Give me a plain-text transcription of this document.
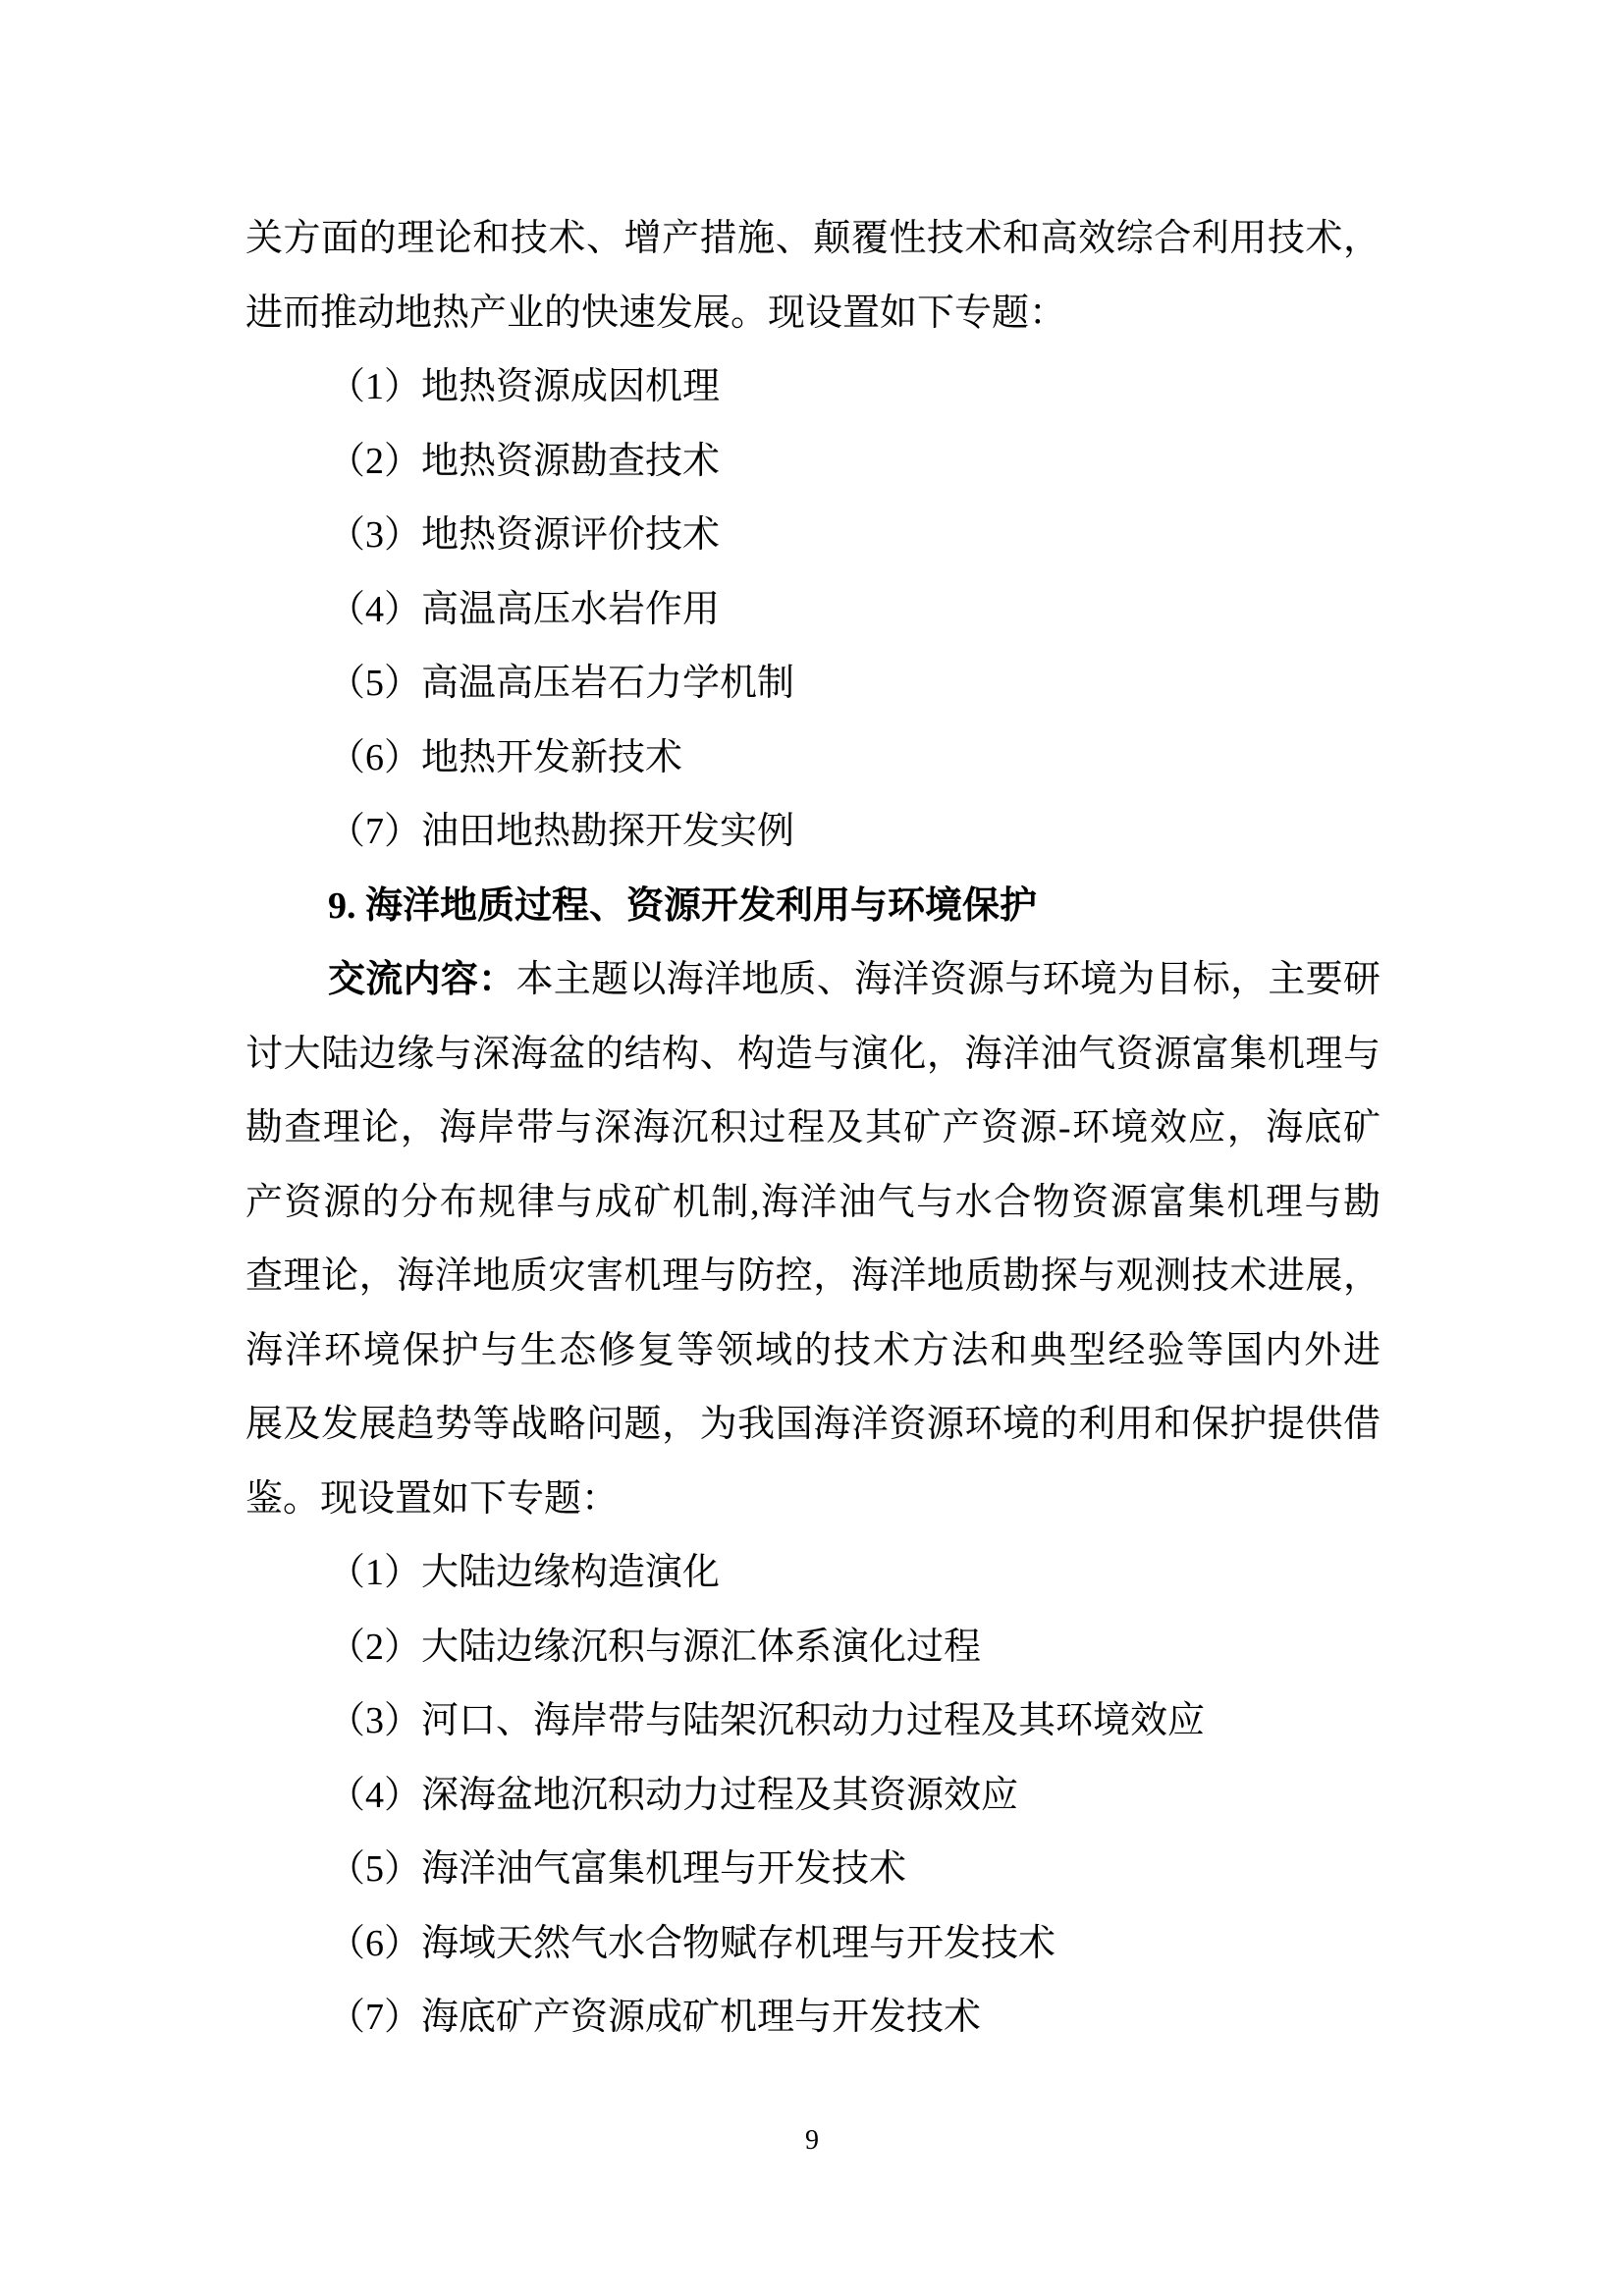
关方面的理论和技术、增产措施、颠覆性技术和高效综合利用技术，
进而推动地热产业的快速发展。现设置如下专题：
（1）地热资源成因机理
（2）地热资源勘查技术
（3）地热资源评价技术
（4）高温高压水岩作用
（5）高温高压岩石力学机制
（6）地热开发新技术
（7）油田地热勘探开发实例
9. 海洋地质过程、资源开发利用与环境保护
交流内容：本主题以海洋地质、海洋资源与环境为目标，主要研
讨大陆边缘与深海盆的结构、构造与演化，海洋油气资源富集机理与
勘查理论，海岸带与深海沉积过程及其矿产资源-环境效应，海底矿
产资源的分布规律与成矿机制,海洋油气与水合物资源富集机理与勘
查理论，海洋地质灾害机理与防控，海洋地质勘探与观测技术进展，
海洋环境保护与生态修复等领域的技术方法和典型经验等国内外进
展及发展趋势等战略问题，为我国海洋资源环境的利用和保护提供借
鉴。现设置如下专题：
（1）大陆边缘构造演化
（2）大陆边缘沉积与源汇体系演化过程
（3）河口、海岸带与陆架沉积动力过程及其环境效应
（4）深海盆地沉积动力过程及其资源效应
（5）海洋油气富集机理与开发技术
（6）海域天然气水合物赋存机理与开发技术
（7）海底矿产资源成矿机理与开发技术
9
